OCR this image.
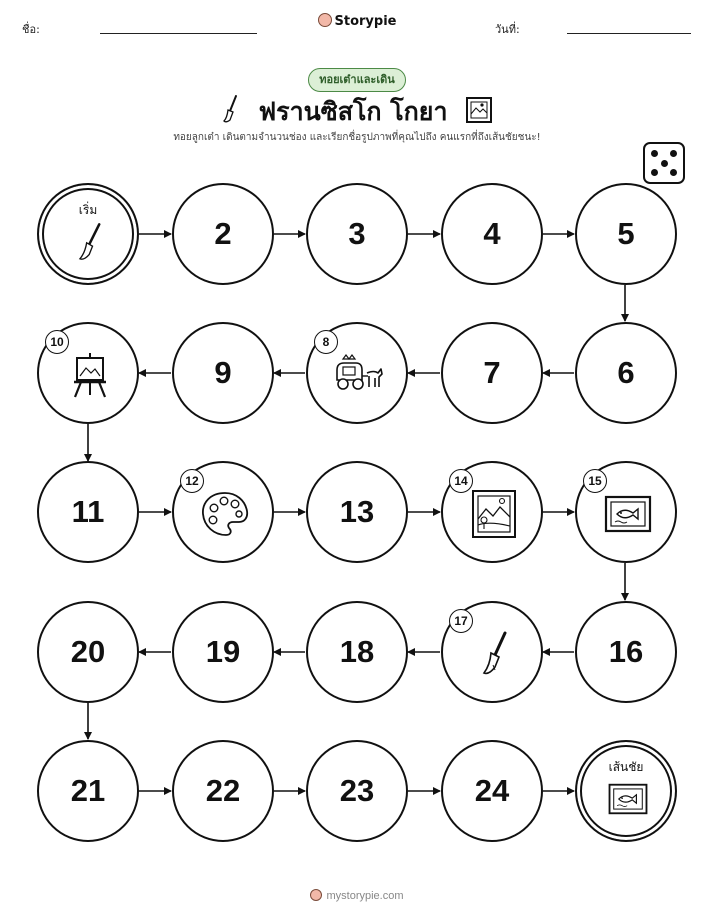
ชื่อ:
Storypie
วันที่:
ทอยเต๋าและเดิน
ฟรานซิสโก โกยา
ทอยลูกเต๋า เดินตามจำนวนช่อง และเรียกชื่อรูปภาพที่คุณไปถึง คนแรกที่ถึงเส้นชัยชนะ!
เริ่ม
2	3	4	5
10
9
8
7	6
11
12
13
14	15
20	19	18
17
16
21	22	23	24
เส้นชัย
mystorypie.com
